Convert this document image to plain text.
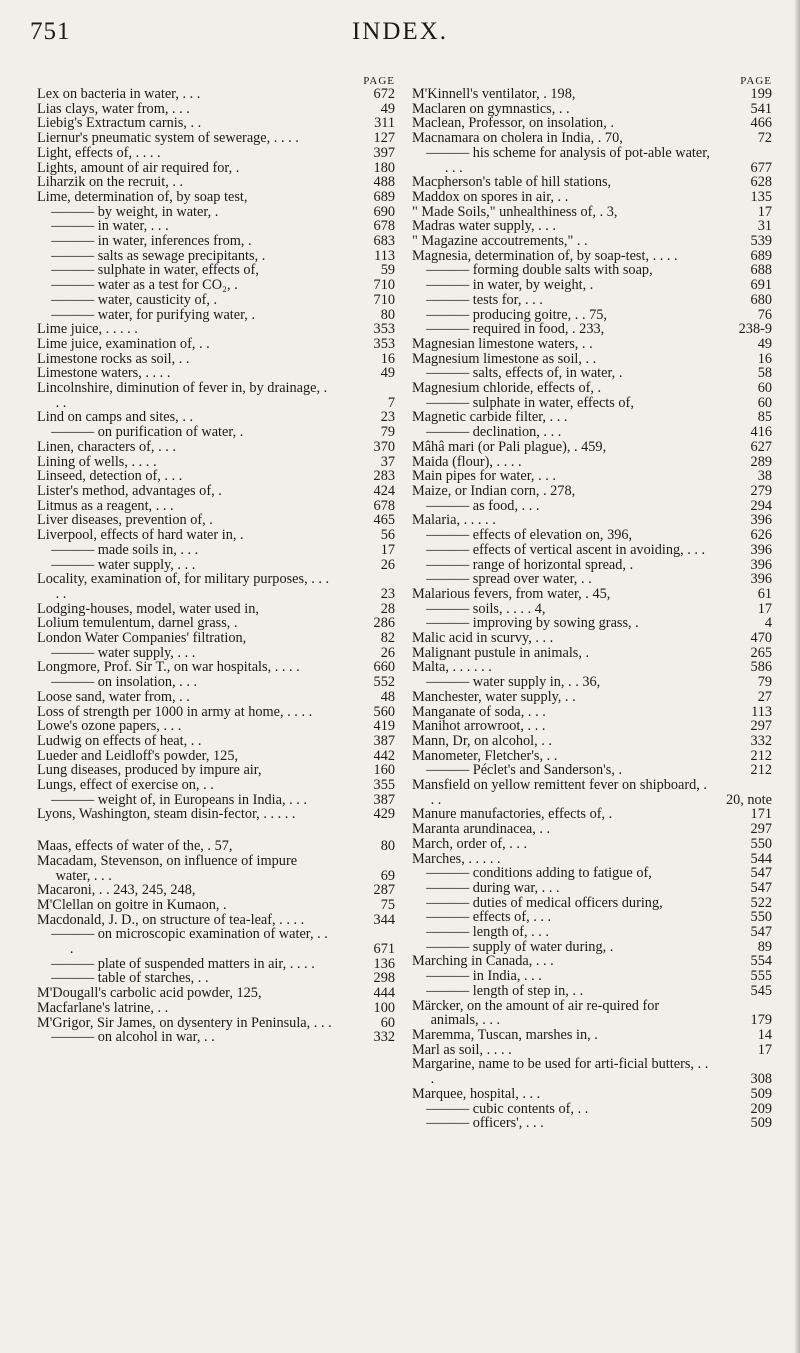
751	INDEX.
PAGE
Lex on bacteria in water, . . .	672
Lias clays, water from, . . .	49
Liebig's Extractum carnis, . .	311
Liernur's pneumatic system of sewerage, . . . .	127
Light, effects of, . . . .	397
Lights, amount of air required for, .	180
Liharzik on the recruit, . .	488
Lime, determination of, by soap test,	689
——— by weight, in water, .	690
——— in water, . . .	678
——— in water, inferences from, .	683
——— salts as sewage precipitants, .	113
——— sulphate in water, effects of,	59
——— water as a test for CO₂, .	710
——— water, causticity of, .	710
——— water, for purifying water, .	80
Lime juice, . . . . .	353
Lime juice, examination of, . .	353
Limestone rocks as soil, . .	16
Limestone waters, . . . .	49
Lincolnshire, diminution of fever in, by drainage, . . .	7
Lind on camps and sites, . .	23
——— on purification of water, .	79
Linen, characters of, . . .	370
Lining of wells, . . . .	37
Linseed, detection of, . . .	283
Lister's method, advantages of, .	424
Litmus as a reagent, . . .	678
Liver diseases, prevention of, .	465
Liverpool, effects of hard water in, .	56
——— made soils in, . . .	17
——— water supply, . . .	26
Locality, examination of, for military purposes, . . . . .	23
Lodging-houses, model, water used in,	28
Lolium temulentum, darnel grass, .	286
London Water Companies' filtration,	82
——— water supply, . . .	26
Longmore, Prof. Sir T., on war hospitals, . . . .	660
——— on insolation, . . .	552
Loose sand, water from, . .	48
Loss of strength per 1000 in army at home, . . . .	560
Lowe's ozone papers, . . .	419
Ludwig on effects of heat, . .	387
Lueder and Leidloff's powder, 125,	442
Lung diseases, produced by impure air,	160
Lungs, effect of exercise on, . .	355
——— weight of, in Europeans in India, . . .	387
Lyons, Washington, steam disin-fector, . . . . .	429
Maas, effects of water of the, . 57,	80
Macadam, Stevenson, on influence of impure water, . . .	69
Macaroni, . . 243, 245, 248,	287
M'Clellan on goitre in Kumaon, .	75
Macdonald, J. D., on structure of tea-leaf, . . . .	344
——— on microscopic examination of water, . . .	671
——— plate of suspended matters in air, . . . .	136
——— table of starches, . .	298
M'Dougall's carbolic acid powder, 125,	444
Macfarlane's latrine, . .	100
M'Grigor, Sir James, on dysentery in Peninsula, . . .	60
——— on alcohol in war, . .	332
PAGE
M'Kinnell's ventilator, . 198,	199
Maclaren on gymnastics, . .	541
Maclean, Professor, on insolation, .	466
Macnamara on cholera in India, . 70,	72
——— his scheme for analysis of pot-able water, . . .	677
Macpherson's table of hill stations,	628
Maddox on spores in air, . .	135
" Made Soils," unhealthiness of, . 3,	17
Madras water supply, . . .	31
" Magazine accoutrements," . .	539
Magnesia, determination of, by soap-test, . . . .	689
——— forming double salts with soap,	688
——— in water, by weight, .	691
——— tests for, . . .	680
——— producing goitre, . . 75,	76
——— required in food, . 233,	238-9
Magnesian limestone waters, . .	49
Magnesium limestone as soil, . .	16
——— salts, effects of, in water, .	58
Magnesium chloride, effects of, .	60
——— sulphate in water, effects of,	60
Magnetic carbide filter, . . .	85
——— declination, . . .	416
Mâhâ mari (or Pali plague), . 459,	627
Maida (flour), . . . .	289
Main pipes for water, . . .	38
Maize, or Indian corn, . 278,	279
——— as food, . . .	294
Malaria, . . . . .	396
——— effects of elevation on, 396,	626
——— effects of vertical ascent in avoiding, . . .	396
——— range of horizontal spread, .	396
——— spread over water, . .	396
Malarious fevers, from water, . 45,	61
——— soils, . . . . 4,	17
——— improving by sowing grass, .	4
Malic acid in scurvy, . . .	470
Malignant pustule in animals, .	265
Malta, . . . . . .	586
——— water supply in, . . 36,	79
Manchester, water supply, . .	27
Manganate of soda, . . .	113
Manihot arrowroot, . . .	297
Mann, Dr, on alcohol, . .	332
Manometer, Fletcher's, . .	212
——— Péclet's and Sanderson's, .	212
Mansfield on yellow remittent fever on shipboard, . . .	20, note
Manure manufactories, effects of, .	171
Maranta arundinacea, . .	297
March, order of, . . .	550
Marches, . . . . .	544
——— conditions adding to fatigue of,	547
——— during war, . . .	547
——— duties of medical officers during,	522
——— effects of, . . .	550
——— length of, . . .	547
——— supply of water during, .	89
Marching in Canada, . . .	554
——— in India, . . .	555
——— length of step in, . .	545
Märcker, on the amount of air re-quired for animals, . . .	179
Maremma, Tuscan, marshes in, .	14
Marl as soil, . . . .	17
Margarine, name to be used for arti-ficial butters, . . .	308
Marquee, hospital, . . .	509
——— cubic contents of, . .	209
——— officers', . . .	509
